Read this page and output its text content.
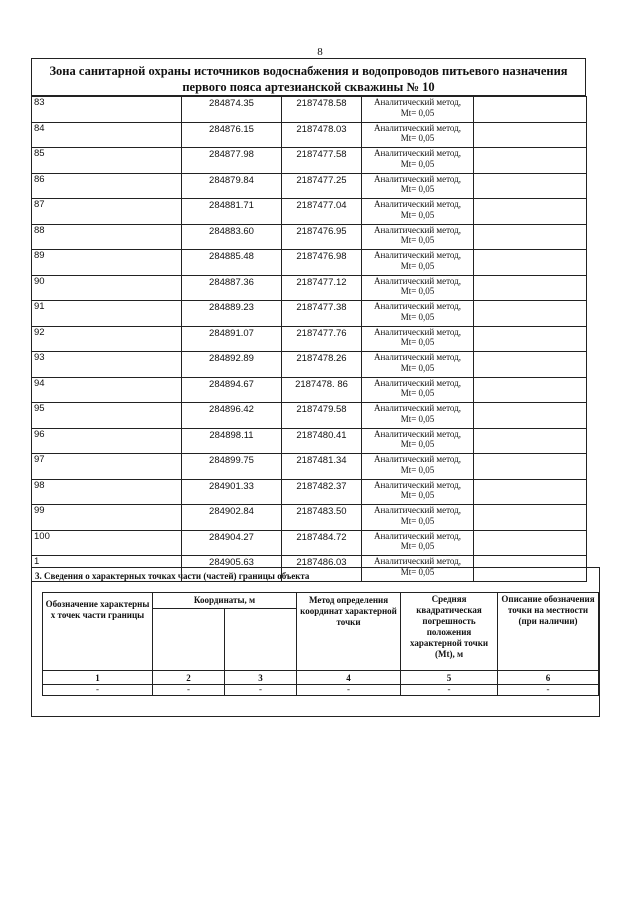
8
Зона санитарной охраны источников водоснабжения и водопроводов питьевого назначения
первого пояса артезианской скважины № 10
83	284874.35	2187478.58	Аналитический метод,
Mt= 0,05	

84	284876.15	2187478.03	Аналитический метод,
Mt= 0,05	

85	284877.98	2187477.58	Аналитический метод,
Mt= 0,05	

86	284879.84	2187477.25	Аналитический метод,
Mt= 0,05	

87	284881.71	2187477.04	Аналитический метод,
Mt= 0,05	

88	284883.60	2187476.95	Аналитический метод,
Mt= 0,05	

89	284885.48	2187476.98	Аналитический метод,
Mt= 0,05	

90	284887.36	2187477.12	Аналитический метод,
Mt= 0,05	

91	284889.23	2187477.38	Аналитический метод,
Mt= 0,05	

92	284891.07	2187477.76	Аналитический метод,
Mt= 0,05	

93	284892.89	2187478.26	Аналитический метод,
Mt= 0,05	

94	284894.67	2187478. 86	Аналитический метод,
Mt= 0,05	

95	284896.42	2187479.58	Аналитический метод,
Mt= 0,05	

96	284898.11	2187480.41	Аналитический метод,
Mt= 0,05	

97	284899.75	2187481.34	Аналитический метод,
Mt= 0,05	

98	284901.33	2187482.37	Аналитический метод,
Mt= 0,05	

99	284902.84	2187483.50	Аналитический метод,
Mt= 0,05	

100	284904.27	2187484.72	Аналитический метод,
Mt= 0,05	

1	284905.63	2187486.03	Аналитический метод,
Mt= 0,05	

3. Сведения о характерных точках части (частей) границы объекта
Обозначение характерны х точек части границы	Координаты, м		Метод определения координат характерной точки	Средняя квадратическая погрешность положения характерной точки (Mt), м	Описание обозначения точки на местности (при наличии)

1	2	3	4	5	6
-	-	-	-	-	-
